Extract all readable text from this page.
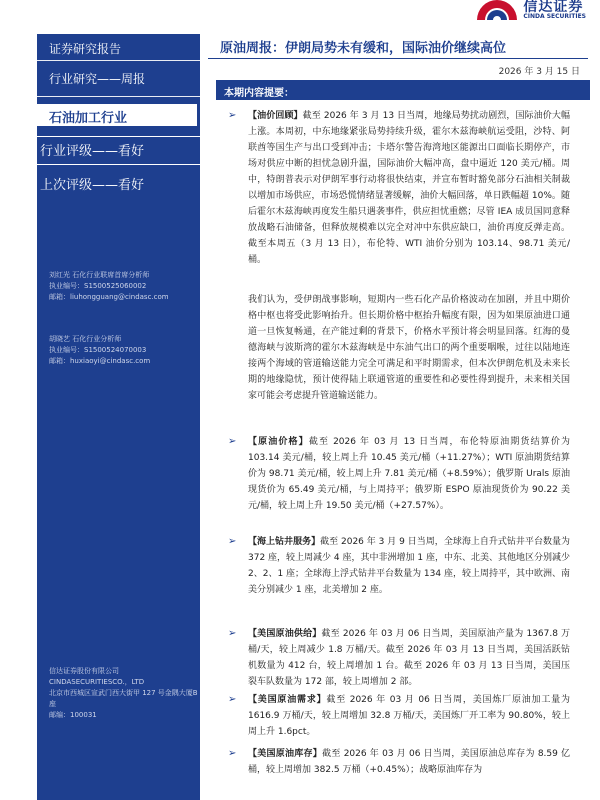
信达证券
CINDA SECURITIES
证券研究报告
行业研究——周报
刘红光 石化行业联席首席分析师
执业编号：S1500525060002
邮箱：liuhongguang@cindasc.com
胡晓艺 石化行业分析师
执业编号：S1500524070003
邮箱：huxiaoyi@cindasc.com
信达证券股份有限公司
CINDASECURITIESCO.，LTD
北京市西城区宣武门西大街甲 127 号金隅大厦B座
邮编：100031
石油加工行业
行业评级——看好
上次评级——看好
原油周报：伊朗局势未有缓和，国际油价继续高位
2026 年 3 月 15 日
本期内容提要：
➢ 【油价回顾】截至 2026 年 3 月 13 日当周，地缘局势扰动剧烈，国际油价大幅上涨。本周初，中东地缘紧张局势持续升级，霍尔木兹海峡航运受阻，沙特、阿联酋等国生产与出口受到冲击；卡塔尔警告海湾地区能源出口面临长期停产，市场对供应中断的担忧急剧升温，国际油价大幅冲高，盘中逼近 120 美元/桶。周中，特朗普表示对伊朗军事行动将很快结束，并宣布暂时豁免部分石油相关制裁以增加市场供应，市场恐慌情绪显著缓解，油价大幅回落，单日跌幅超 10%。随后霍尔木兹海峡再度发生船只遇袭事件，供应担忧重燃；尽管 IEA 成员国同意释放战略石油储备，但释放规模难以完全对冲中东供应缺口，油价再度反弹走高。截至本周五（3 月 13 日），布伦特、WTI 油价分别为 103.14、98.71 美元/桶。
我们认为，受伊朗战事影响，短期内一些石化产品价格波动在加剧，并且中期价格中枢也将受此影响抬升。但长期价格中枢抬升幅度有限，因为如果原油进口通道一旦恢复畅通，在产能过剩的背景下，价格水平预计将会明显回落。红海的曼德海峡与波斯湾的霍尔木兹海峡是中东油气出口的两个重要咽喉，过往以陆地连接两个海域的管道输送能力完全可满足和平时期需求，但本次伊朗危机及未来长期的地缘隐忧，预计使得陆上联通管道的重要性和必要性得到提升，未来相关国家可能会考虑提升管道输送能力。
➢ 【原油价格】截至 2026 年 03 月 13 日当周，布伦特原油期货结算价为 103.14 美元/桶，较上周上升 10.45 美元/桶（+11.27%）；WTI 原油期货结算价为 98.71 美元/桶，较上周上升 7.81 美元/桶（+8.59%）；俄罗斯 Urals 原油现货价为 65.49 美元/桶，与上周持平；俄罗斯 ESPO 原油现货价为 90.22 美元/桶，较上周上升 19.50 美元/桶（+27.57%）。
➢ 【海上钻井服务】截至 2026 年 3 月 9 日当周，全球海上自升式钻井平台数量为 372 座，较上周减少 4 座，其中非洲增加 1 座，中东、北美、其他地区分别减少 2、2、1 座；全球海上浮式钻井平台数量为 134 座，较上周持平，其中欧洲、南美分别减少 1 座，北美增加 2 座。
➢ 【美国原油供给】截至 2026 年 03 月 06 日当周，美国原油产量为 1367.8 万桶/天，较上周减少 1.8 万桶/天。截至 2026 年 03 月 13 日当周，美国活跃钻机数量为 412 台，较上周增加 1 台。截至 2026 年 03 月 13 日当周，美国压裂车队数量为 172 部，较上周增加 2 部。
➢ 【美国原油需求】截至 2026 年 03 月 06 日当周，美国炼厂原油加工量为 1616.9 万桶/天，较上周增加 32.8 万桶/天，美国炼厂开工率为 90.80%，较上周上升 1.6pct。
➢ 【美国原油库存】截至 2026 年 03 月 06 日当周，美国原油总库存为 8.59 亿桶，较上周增加 382.5 万桶（+0.45%）；战略原油库存为
